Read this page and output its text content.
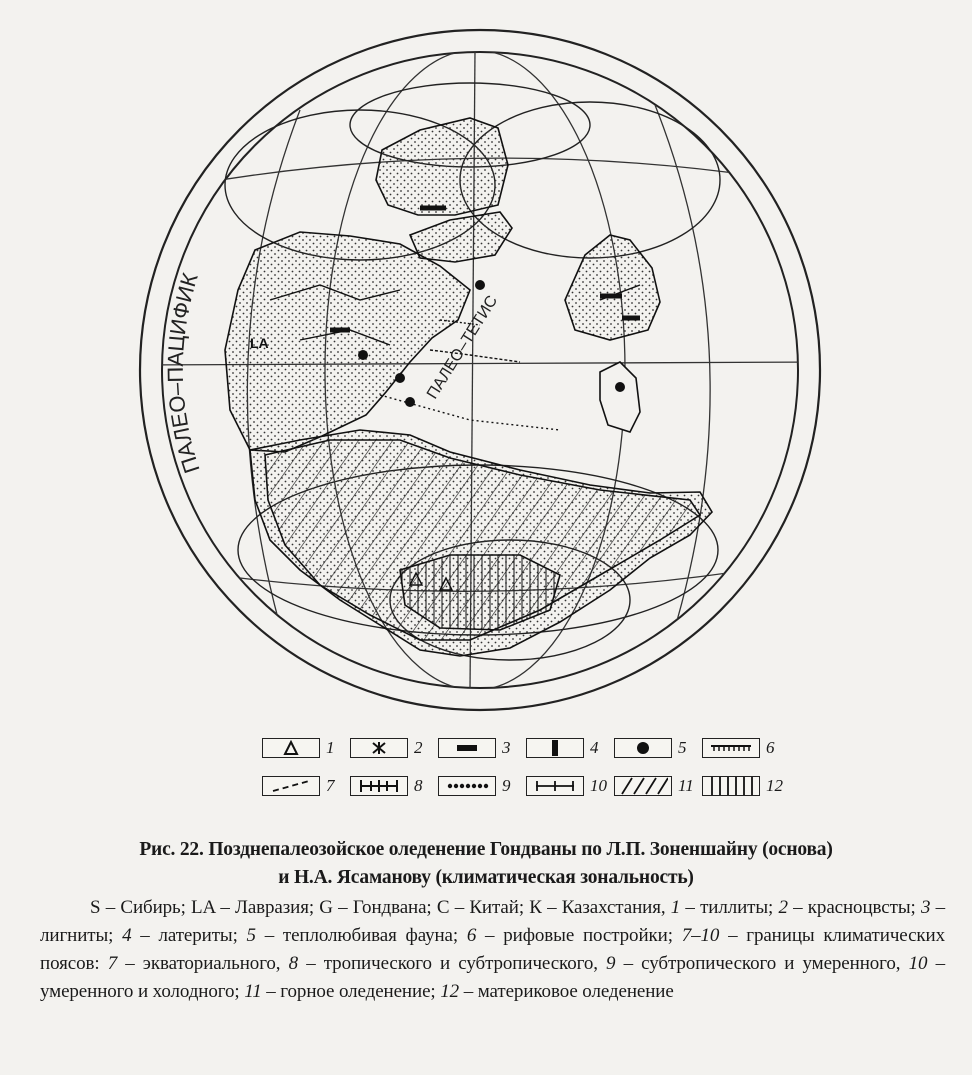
ПАЛЕО–ПАЦИФИК
ПАЛЕО–ТЕТИС
LA
1	2	3	4	5	6
7	8	9	10	11	12
Рис. 22. Позднепалеозойское оледенение Гондваны по Л.П. Зоненшайну (основа)
и Н.А. Ясаманову (климатическая зональность)
S – Сибирь; LA – Лавразия; G – Гондвана; С – Китай; К – Казахстания, 1 – тиллиты; 2 – красноцвсты; 3 – лигниты; 4 – латериты; 5 – теплолюбивая фауна; 6 – рифовые постройки; 7–10 – границы климатических поясов: 7 – экваториального, 8 – тропического и субтропического, 9 – субтропического и умеренного, 10 – умеренного и холодного; 11 – горное оледенение; 12 – материковое оледенение
